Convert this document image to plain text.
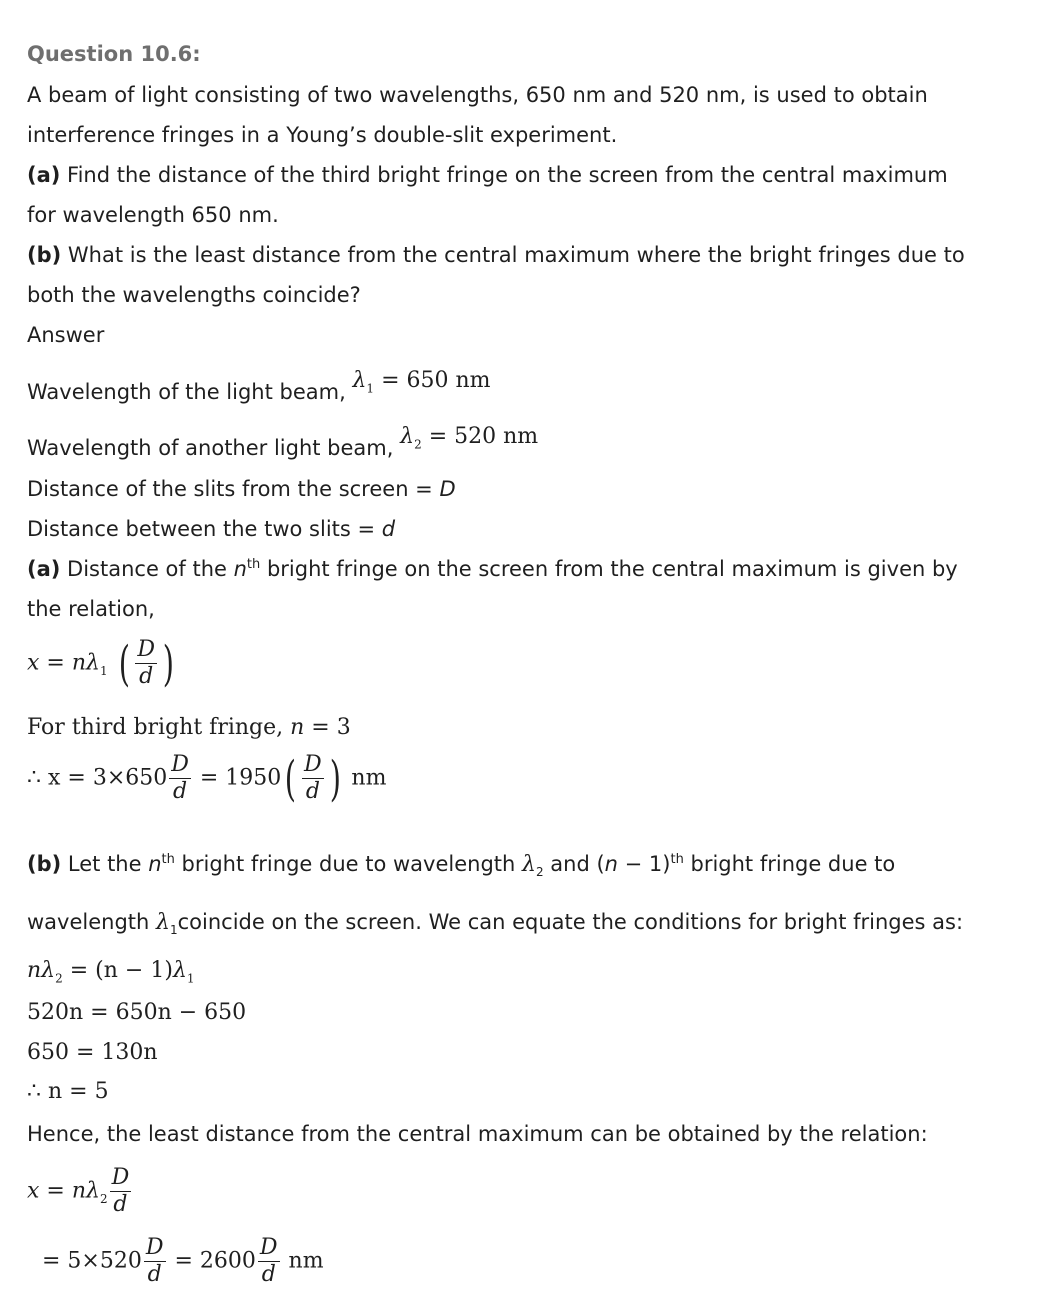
Question 10.6:
A beam of light consisting of two wavelengths, 650 nm and 520 nm, is used to obtain
interference fringes in a Young’s double-slit experiment.
(a) Find the distance of the third bright fringe on the screen from the central maximum
for wavelength 650 nm.
(b) What is the least distance from the central maximum where the bright fringes due to
both the wavelengths coincide?
Answer
Wavelength of the light beam, $\lambda_1 = 650$ nm
Wavelength of another light beam, $\lambda_2 = 520$ nm
Distance of the slits from the screen = D
Distance between the two slits = d
(a) Distance of the $n^{th}$ bright fringe on the screen from the central maximum is given by
the relation,
$x = n\lambda_1$ ( $\frac{D}{d}$ )
For third bright fringe, n = 3
∴ $x = 3\times 650 \frac{D}{d} = 1950( \frac{D}{d}$ ) nm
(b) Let the $n^{th}$ bright fringe due to wavelength $\lambda_2$ and $(n - 1)^{th}$ bright fringe due to
wavelength $\lambda_1coincide$ on the screen. We can equate the conditions for bright fringes as:
$n\lambda_2 = (n - 1)\lambda_1$
520n = 650n − 650
650 = 130n
∴ n = 5
Hence, the least distance from the central maximum can be obtained by the relation:
$x = n\lambda_2 \frac{D}{d}$
= $5\times 520 \frac{D}{d} = 2600 \frac{D}{d}$ nm
